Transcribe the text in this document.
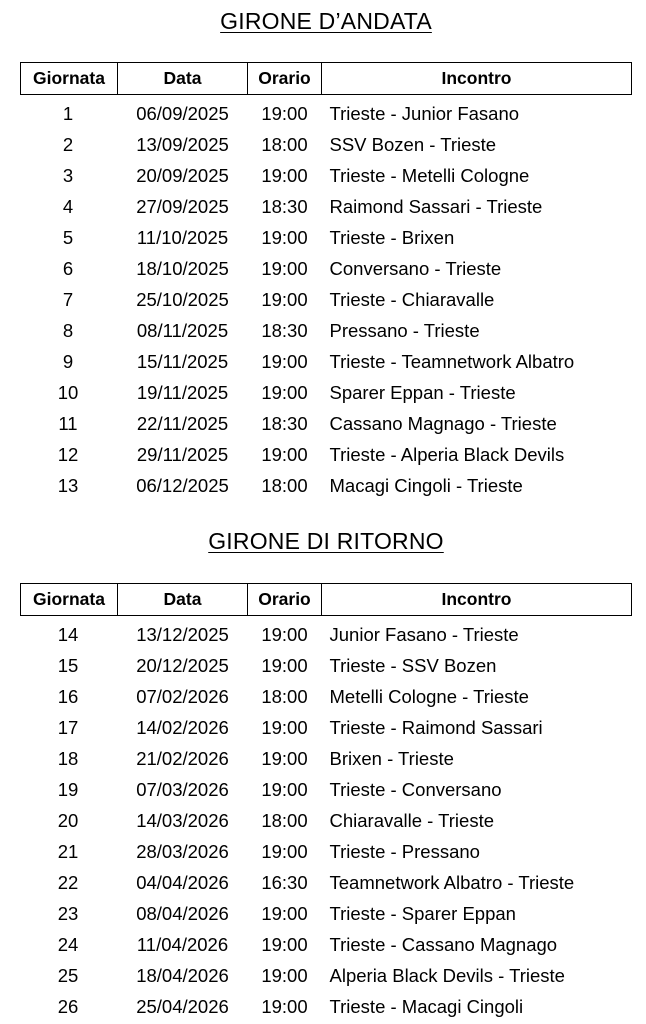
GIRONE D’ANDATA
Giornata	Data	Orario	Incontro
1	06/09/2025	19:00	Trieste - Junior Fasano
2	13/09/2025	18:00	SSV Bozen - Trieste
3	20/09/2025	19:00	Trieste - Metelli Cologne
4	27/09/2025	18:30	Raimond Sassari - Trieste
5	11/10/2025	19:00	Trieste - Brixen
6	18/10/2025	19:00	Conversano - Trieste
7	25/10/2025	19:00	Trieste - Chiaravalle
8	08/11/2025	18:30	Pressano - Trieste
9	15/11/2025	19:00	Trieste - Teamnetwork Albatro
10	19/11/2025	19:00	Sparer Eppan - Trieste
11	22/11/2025	18:30	Cassano Magnago - Trieste
12	29/11/2025	19:00	Trieste - Alperia Black Devils
13	06/12/2025	18:00	Macagi Cingoli - Trieste
GIRONE DI RITORNO
Giornata	Data	Orario	Incontro
14	13/12/2025	19:00	Junior Fasano - Trieste
15	20/12/2025	19:00	Trieste - SSV Bozen
16	07/02/2026	18:00	Metelli Cologne - Trieste
17	14/02/2026	19:00	Trieste - Raimond Sassari
18	21/02/2026	19:00	Brixen - Trieste
19	07/03/2026	19:00	Trieste - Conversano
20	14/03/2026	18:00	Chiaravalle - Trieste
21	28/03/2026	19:00	Trieste - Pressano
22	04/04/2026	16:30	Teamnetwork Albatro - Trieste
23	08/04/2026	19:00	Trieste - Sparer Eppan
24	11/04/2026	19:00	Trieste - Cassano Magnago
25	18/04/2026	19:00	Alperia Black Devils - Trieste
26	25/04/2026	19:00	Trieste - Macagi Cingoli
